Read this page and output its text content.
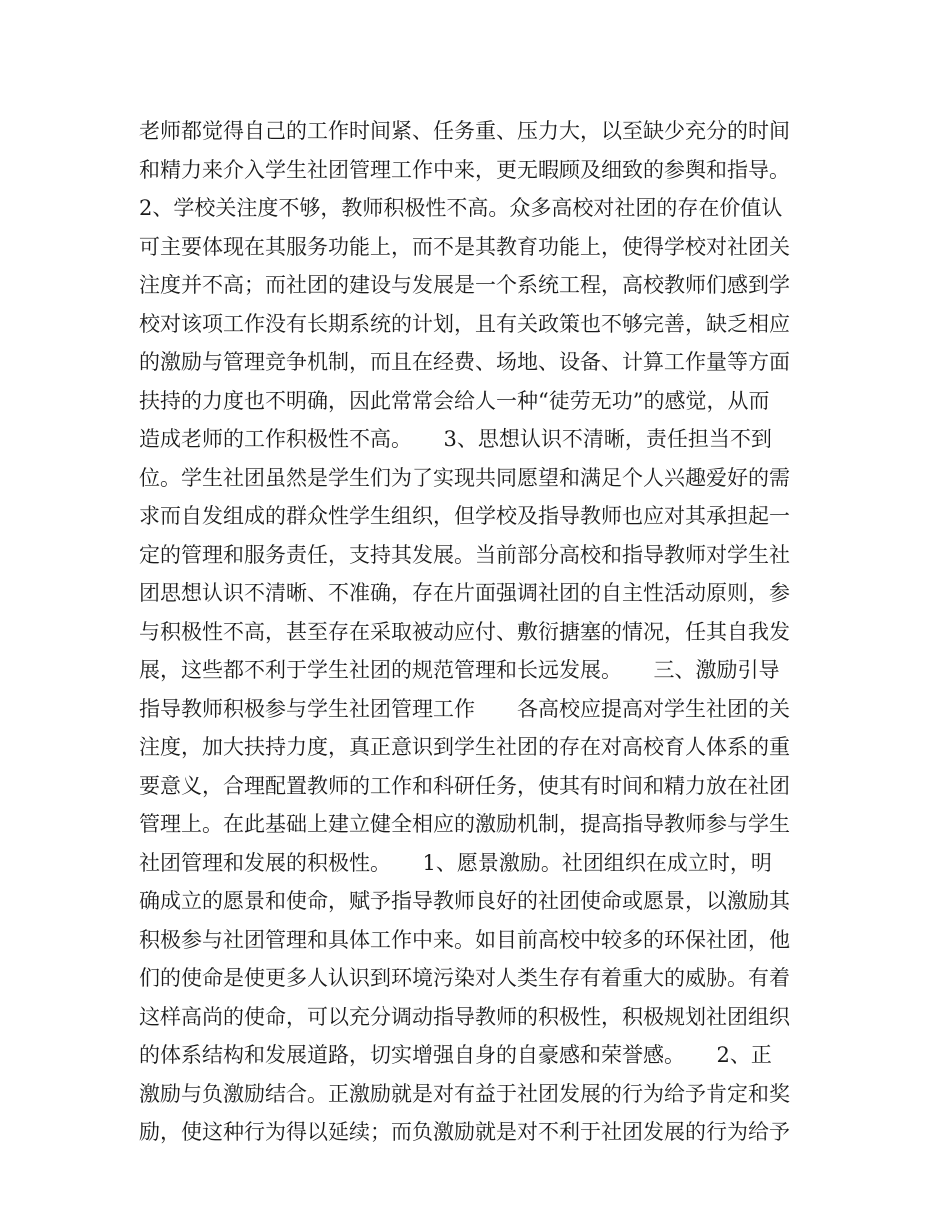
老师都觉得自己的工作时间紧、任务重、压力大，以至缺少充分的时间
和精力来介入学生社团管理工作中来，更无暇顾及细致的参舆和指导。
2、学校关注度不够，教师积极性不高。众多高校对社团的存在价值认
可主要体现在其服务功能上，而不是其教育功能上，使得学校对社团关
注度并不高；而社团的建设与发展是一个系统工程，高校教师们感到学
校对该项工作没有长期系统的计划，且有关政策也不够完善，缺乏相应
的激励与管理竞争机制，而且在经费、场地、设备、计算工作量等方面
扶持的力度也不明确，因此常常会给人一种“徒劳无功”的感觉，从而
造成老师的工作积极性不高。　　3、思想认识不清晰，责任担当不到
位。学生社团虽然是学生们为了实现共同愿望和满足个人兴趣爱好的需
求而自发组成的群众性学生组织，但学校及指导教师也应对其承担起一
定的管理和服务责任，支持其发展。当前部分高校和指导教师对学生社
团思想认识不清晰、不准确，存在片面强调社团的自主性活动原则，参
与积极性不高，甚至存在采取被动应付、敷衍搪塞的情况，任其自我发
展，这些都不利于学生社团的规范管理和长远发展。　　三、激励引导
指导教师积极参与学生社团管理工作　　各高校应提高对学生社团的关
注度，加大扶持力度，真正意识到学生社团的存在对高校育人体系的重
要意义，合理配置教师的工作和科研任务，使其有时间和精力放在社团
管理上。在此基础上建立健全相应的激励机制，提高指导教师参与学生
社团管理和发展的积极性。　　1、愿景激励。社团组织在成立时，明
确成立的愿景和使命，赋予指导教师良好的社团使命或愿景，以激励其
积极参与社团管理和具体工作中来。如目前高校中较多的环保社团，他
们的使命是使更多人认识到环境污染对人类生存有着重大的威胁。有着
这样高尚的使命，可以充分调动指导教师的积极性，积极规划社团组织
的体系结构和发展道路，切实增强自身的自豪感和荣誉感。　　2、正
激励与负激励结合。正激励就是对有益于社团发展的行为给予肯定和奖
励，使这种行为得以延续；而负激励就是对不利于社团发展的行为给予
